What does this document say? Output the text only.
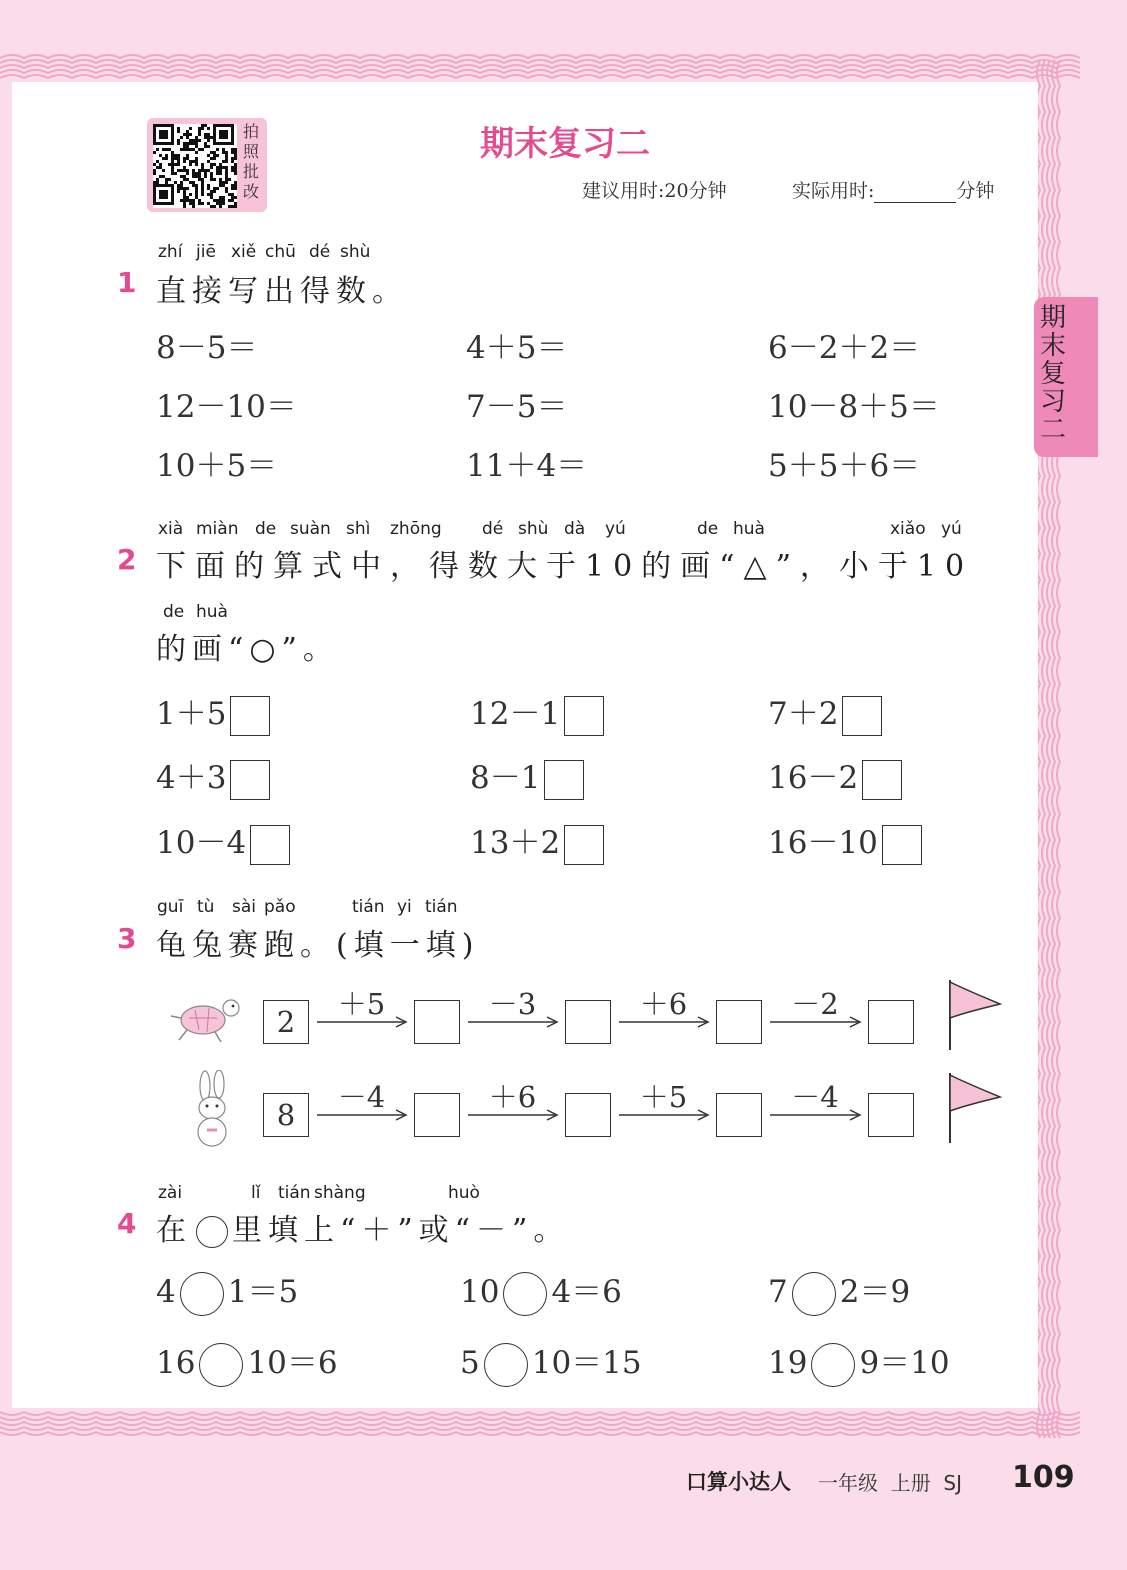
拍照批改
期末复习二
建议用时:20分钟	实际用时:	分钟
期末复习二
1
zhí jiē xiě chū dé shù
直接写出得数。
8－5＝	4＋5＝	6－2＋2＝
12－10＝	7－5＝	10－8＋5＝
10＋5＝	11＋4＝	5＋5＋6＝
2
xià miàn de suàn shì zhōng dé shù dà yú	de huà	xiǎo yú
下面的算式中，得数大于10的画“△”，小于10
de huà
的画“○”。
1＋5	12－1	7＋2
4＋3	8－1	16－2
10－4	13＋2	16－10
3
guī tù sài pǎo	tián yi tián
龟兔赛跑。(填一填)
2
＋5	－3	＋6	－2
8
－4	＋6	＋5	－4
4
zài	lǐ tián shàng	huò
在 里填上“＋”或“－”。
4 1＝5	10 4＝6	7 2＝9
16 10＝6	5 10＝15	19 9＝10
口算小达人 一年级  上册  SJ 109
